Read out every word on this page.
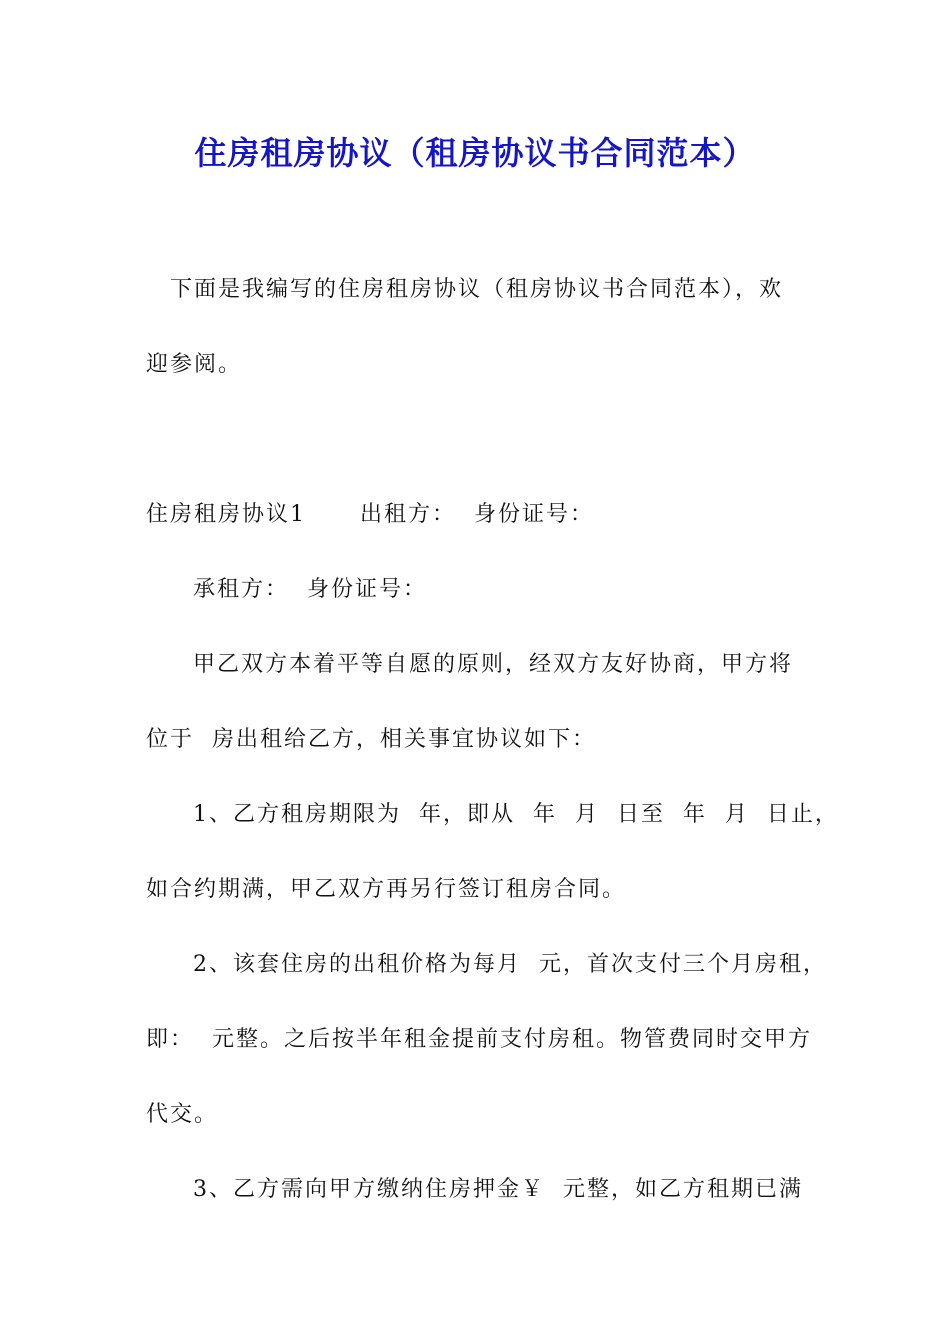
住房租房协议（租房协议书合同范本）
下面是我编写的住房租房协议（租房协议书合同范本），欢
迎参阅。
住房租房协议1      出租方：  身份证号：
承租方：  身份证号：
甲乙双方本着平等自愿的原则，经双方友好协商，甲方将
位于  房出租给乙方，相关事宜协议如下：
1、乙方租房期限为  年，即从  年  月  日至  年  月  日止，
如合约期满，甲乙双方再另行签订租房合同。
2、该套住房的出租价格为每月  元，首次支付三个月房租，
即：  元整。之后按半年租金提前支付房租。物管费同时交甲方
代交。
3、乙方需向甲方缴纳住房押金￥  元整，如乙方租期已满
